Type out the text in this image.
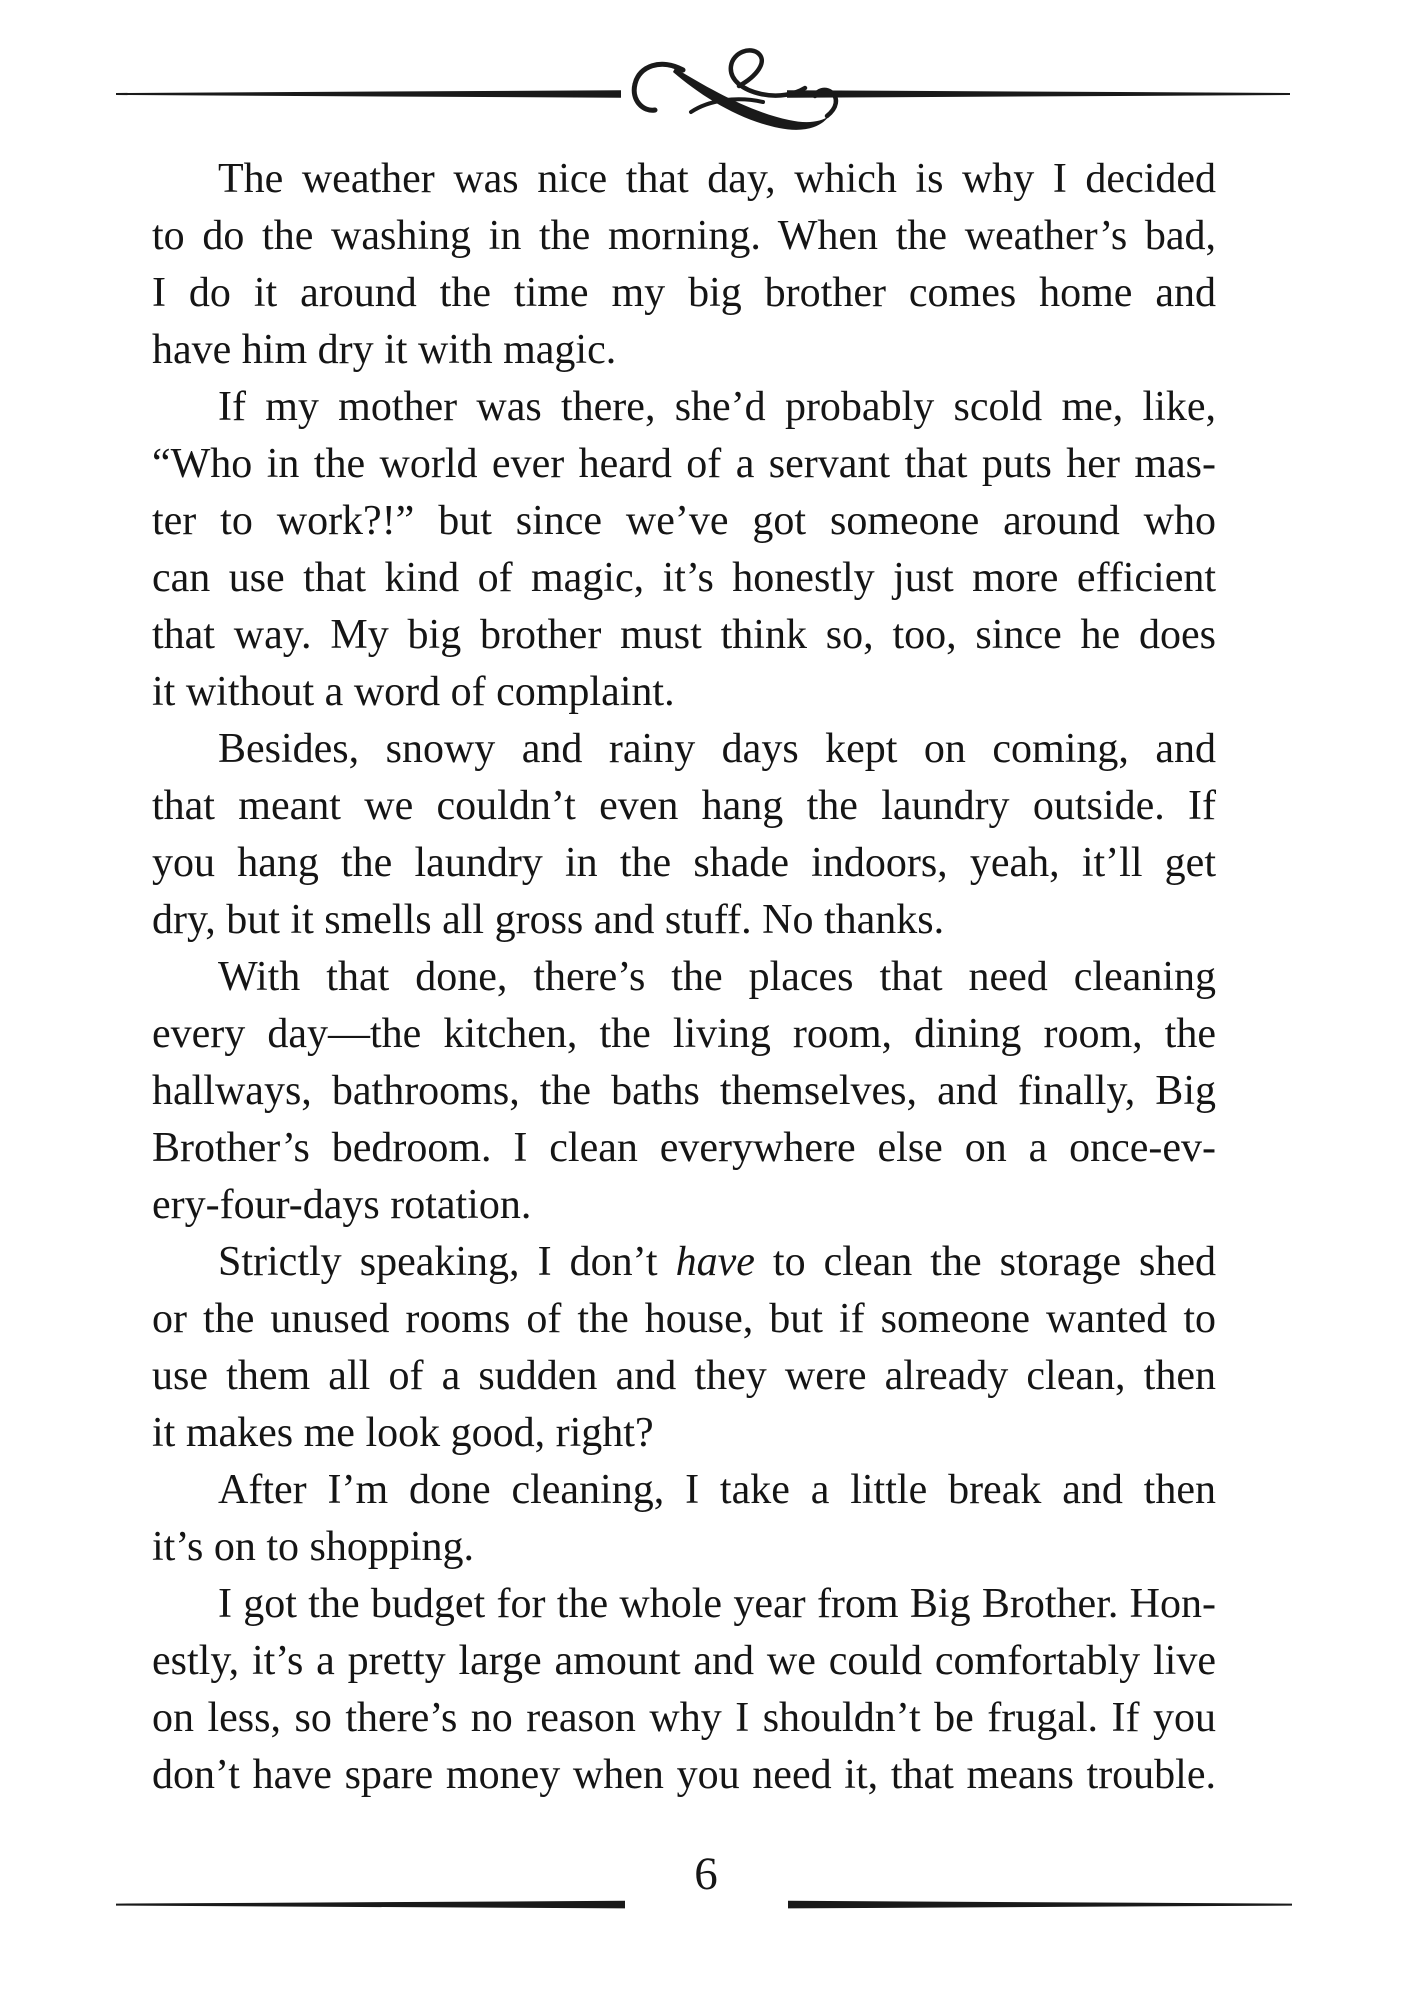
The weather was nice that day, which is why I decided
to do the washing in the morning. When the weather’s bad,
I do it around the time my big brother comes home and
have him dry it with magic.
If my mother was there, she’d probably scold me, like,
“Who in the world ever heard of a servant that puts her mas-
ter to work?!” but since we’ve got someone around who
can use that kind of magic, it’s honestly just more efficient
that way. My big brother must think so, too, since he does
it without a word of complaint.
Besides, snowy and rainy days kept on coming, and
that meant we couldn’t even hang the laundry outside. If
you hang the laundry in the shade indoors, yeah, it’ll get
dry, but it smells all gross and stuff. No thanks.
With that done, there’s the places that need cleaning
every day—the kitchen, the living room, dining room, the
hallways, bathrooms, the baths themselves, and finally, Big
Brother’s bedroom. I clean everywhere else on a once-ev-
ery-four-days rotation.
Strictly speaking, I don’t have to clean the storage shed
or the unused rooms of the house, but if someone wanted to
use them all of a sudden and they were already clean, then
it makes me look good, right?
After I’m done cleaning, I take a little break and then
it’s on to shopping.
I got the budget for the whole year from Big Brother. Hon-
estly, it’s a pretty large amount and we could comfortably live
on less, so there’s no reason why I shouldn’t be frugal. If you
don’t have spare money when you need it, that means trouble.
6
